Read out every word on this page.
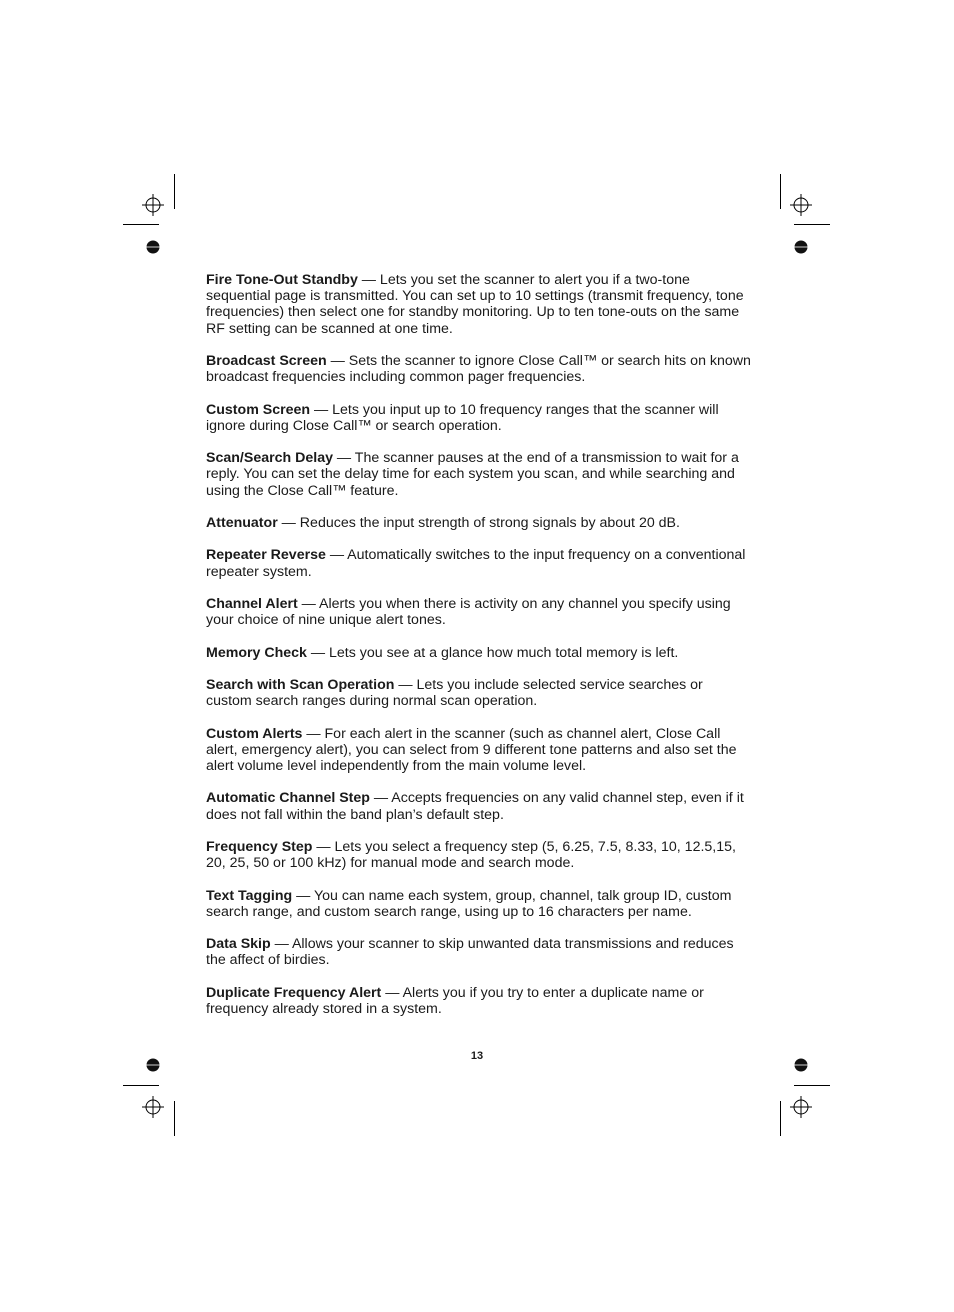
Fire Tone-Out Standby — Lets you set the scanner to alert you if a two-tone sequential page is transmitted. You can set up to 10 settings (transmit frequency, tone frequencies) then select one for standby monitoring. Up to ten tone-outs on the same RF setting can be scanned at one time.

Broadcast Screen — Sets the scanner to ignore Close Call™ or search hits on known broadcast frequencies including common pager frequencies.

Custom Screen — Lets you input up to 10 frequency ranges that the scanner will ignore during Close Call™ or search operation.

Scan/Search Delay — The scanner pauses at the end of a transmission to wait for a reply. You can set the delay time for each system you scan, and while searching and using the Close Call™ feature.

Attenuator — Reduces the input strength of strong signals by about 20 dB.

Repeater Reverse — Automatically switches to the input frequency on a conventional repeater system.

Channel Alert — Alerts you when there is activity on any channel you specify using your choice of nine unique alert tones.

Memory Check — Lets you see at a glance how much total memory is left.

Search with Scan Operation — Lets you include selected service searches or custom search ranges during normal scan operation.

Custom Alerts — For each alert in the scanner (such as channel alert, Close Call alert, emergency alert), you can select from 9 different tone patterns and also set the alert volume level independently from the main volume level.

Automatic Channel Step — Accepts frequencies on any valid channel step, even if it does not fall within the band plan’s default step.

Frequency Step — Lets you select a frequency step (5, 6.25, 7.5, 8.33, 10, 12.5,15, 20, 25, 50 or 100 kHz) for manual mode and search mode.

Text Tagging — You can name each system, group, channel, talk group ID, custom search range, and custom search range, using up to 16 characters per name.

Data Skip — Allows your scanner to skip unwanted data transmissions and reduces the affect of birdies.

Duplicate Frequency Alert — Alerts you if you try to enter a duplicate name or frequency already stored in a system.

13
